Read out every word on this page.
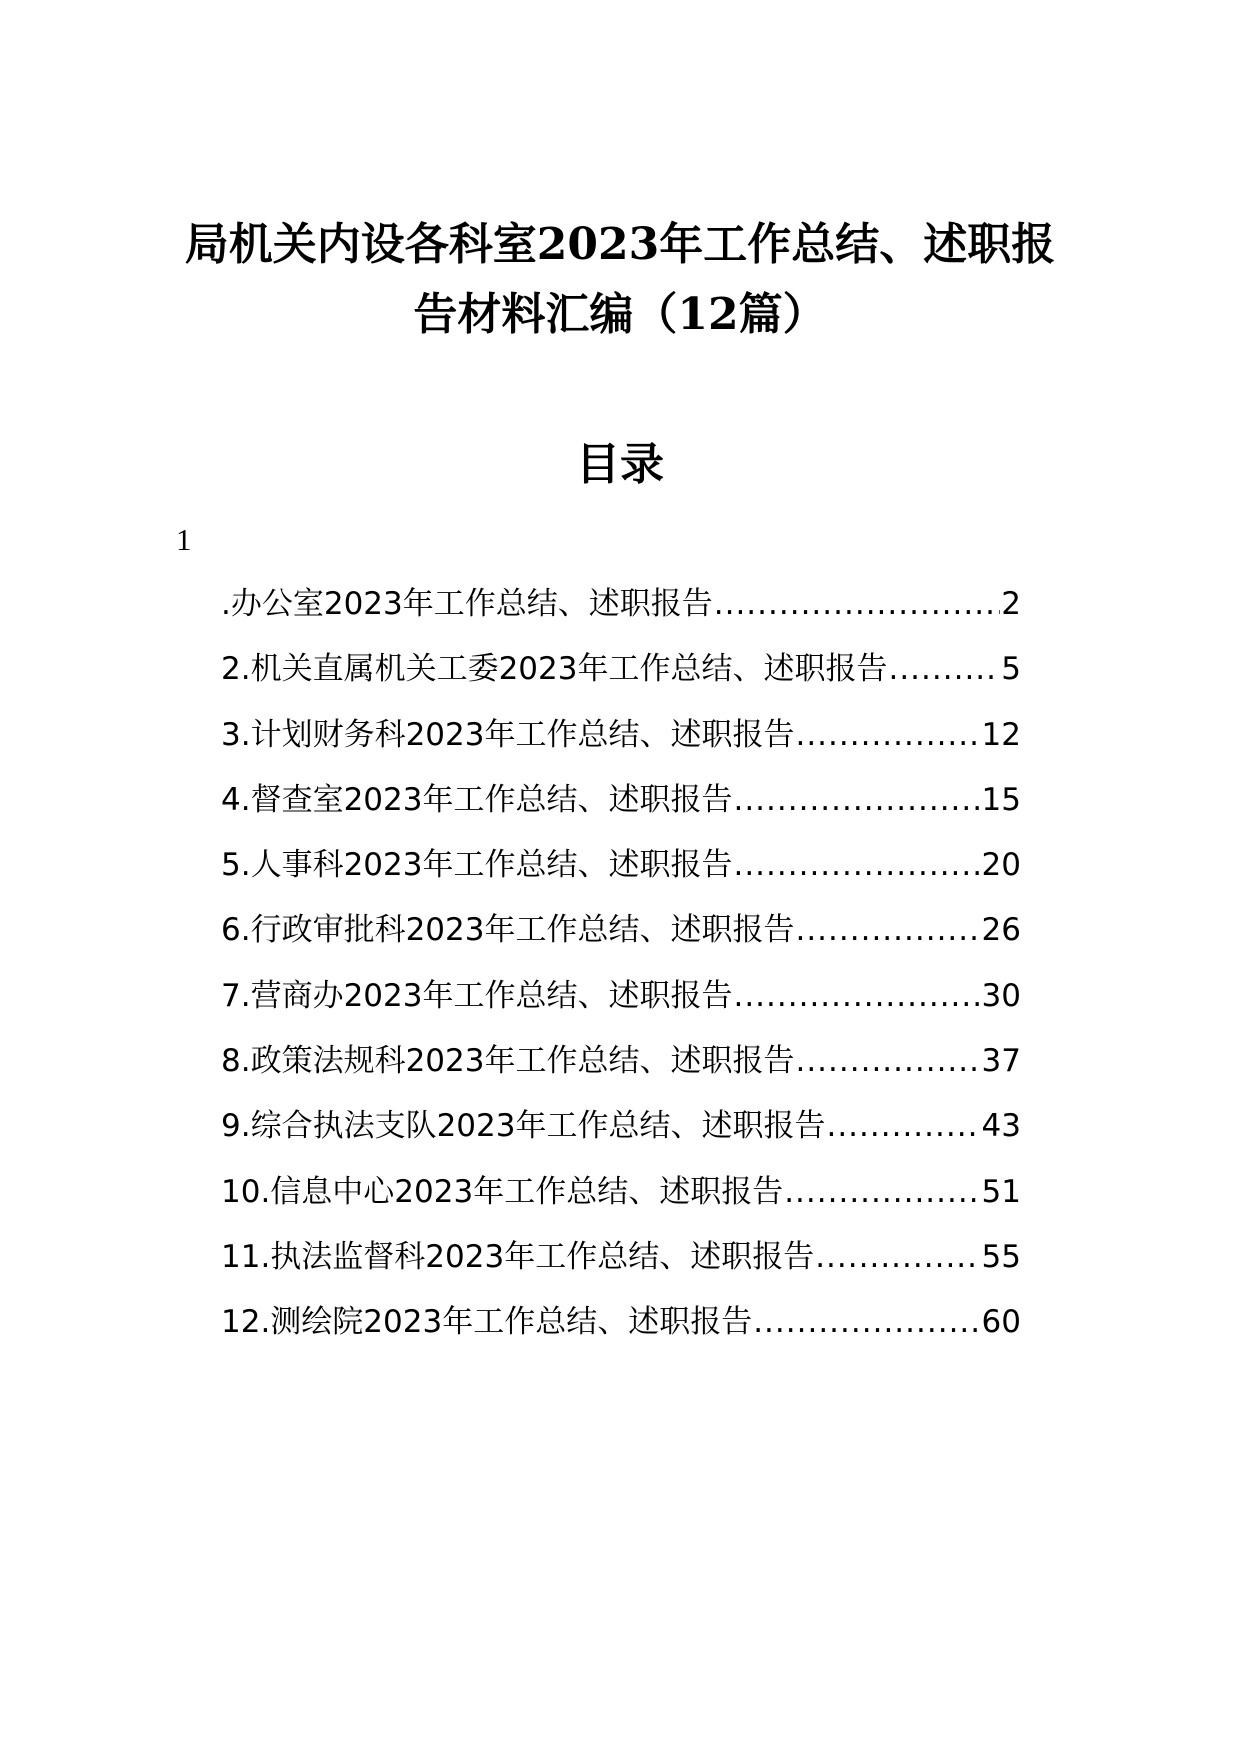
局机关内设各科室2023年工作总结、述职报
告材料汇编（12篇）
目录
1
.办公室2023年工作总结、述职报告 .....	2
2.机关直属机关工委2023年工作总结、述职报告 .....	5
3.计划财务科2023年工作总结、述职报告 .....	12
4.督查室2023年工作总结、述职报告 .....	15
5.人事科2023年工作总结、述职报告 .....	20
6.行政审批科2023年工作总结、述职报告 .....	26
7.营商办2023年工作总结、述职报告 .....	30
8.政策法规科2023年工作总结、述职报告 .....	37
9.综合执法支队2023年工作总结、述职报告 .....	43
10.信息中心2023年工作总结、述职报告 .....	51
11.执法监督科2023年工作总结、述职报告 .....	55
12.测绘院2023年工作总结、述职报告 .....	60
